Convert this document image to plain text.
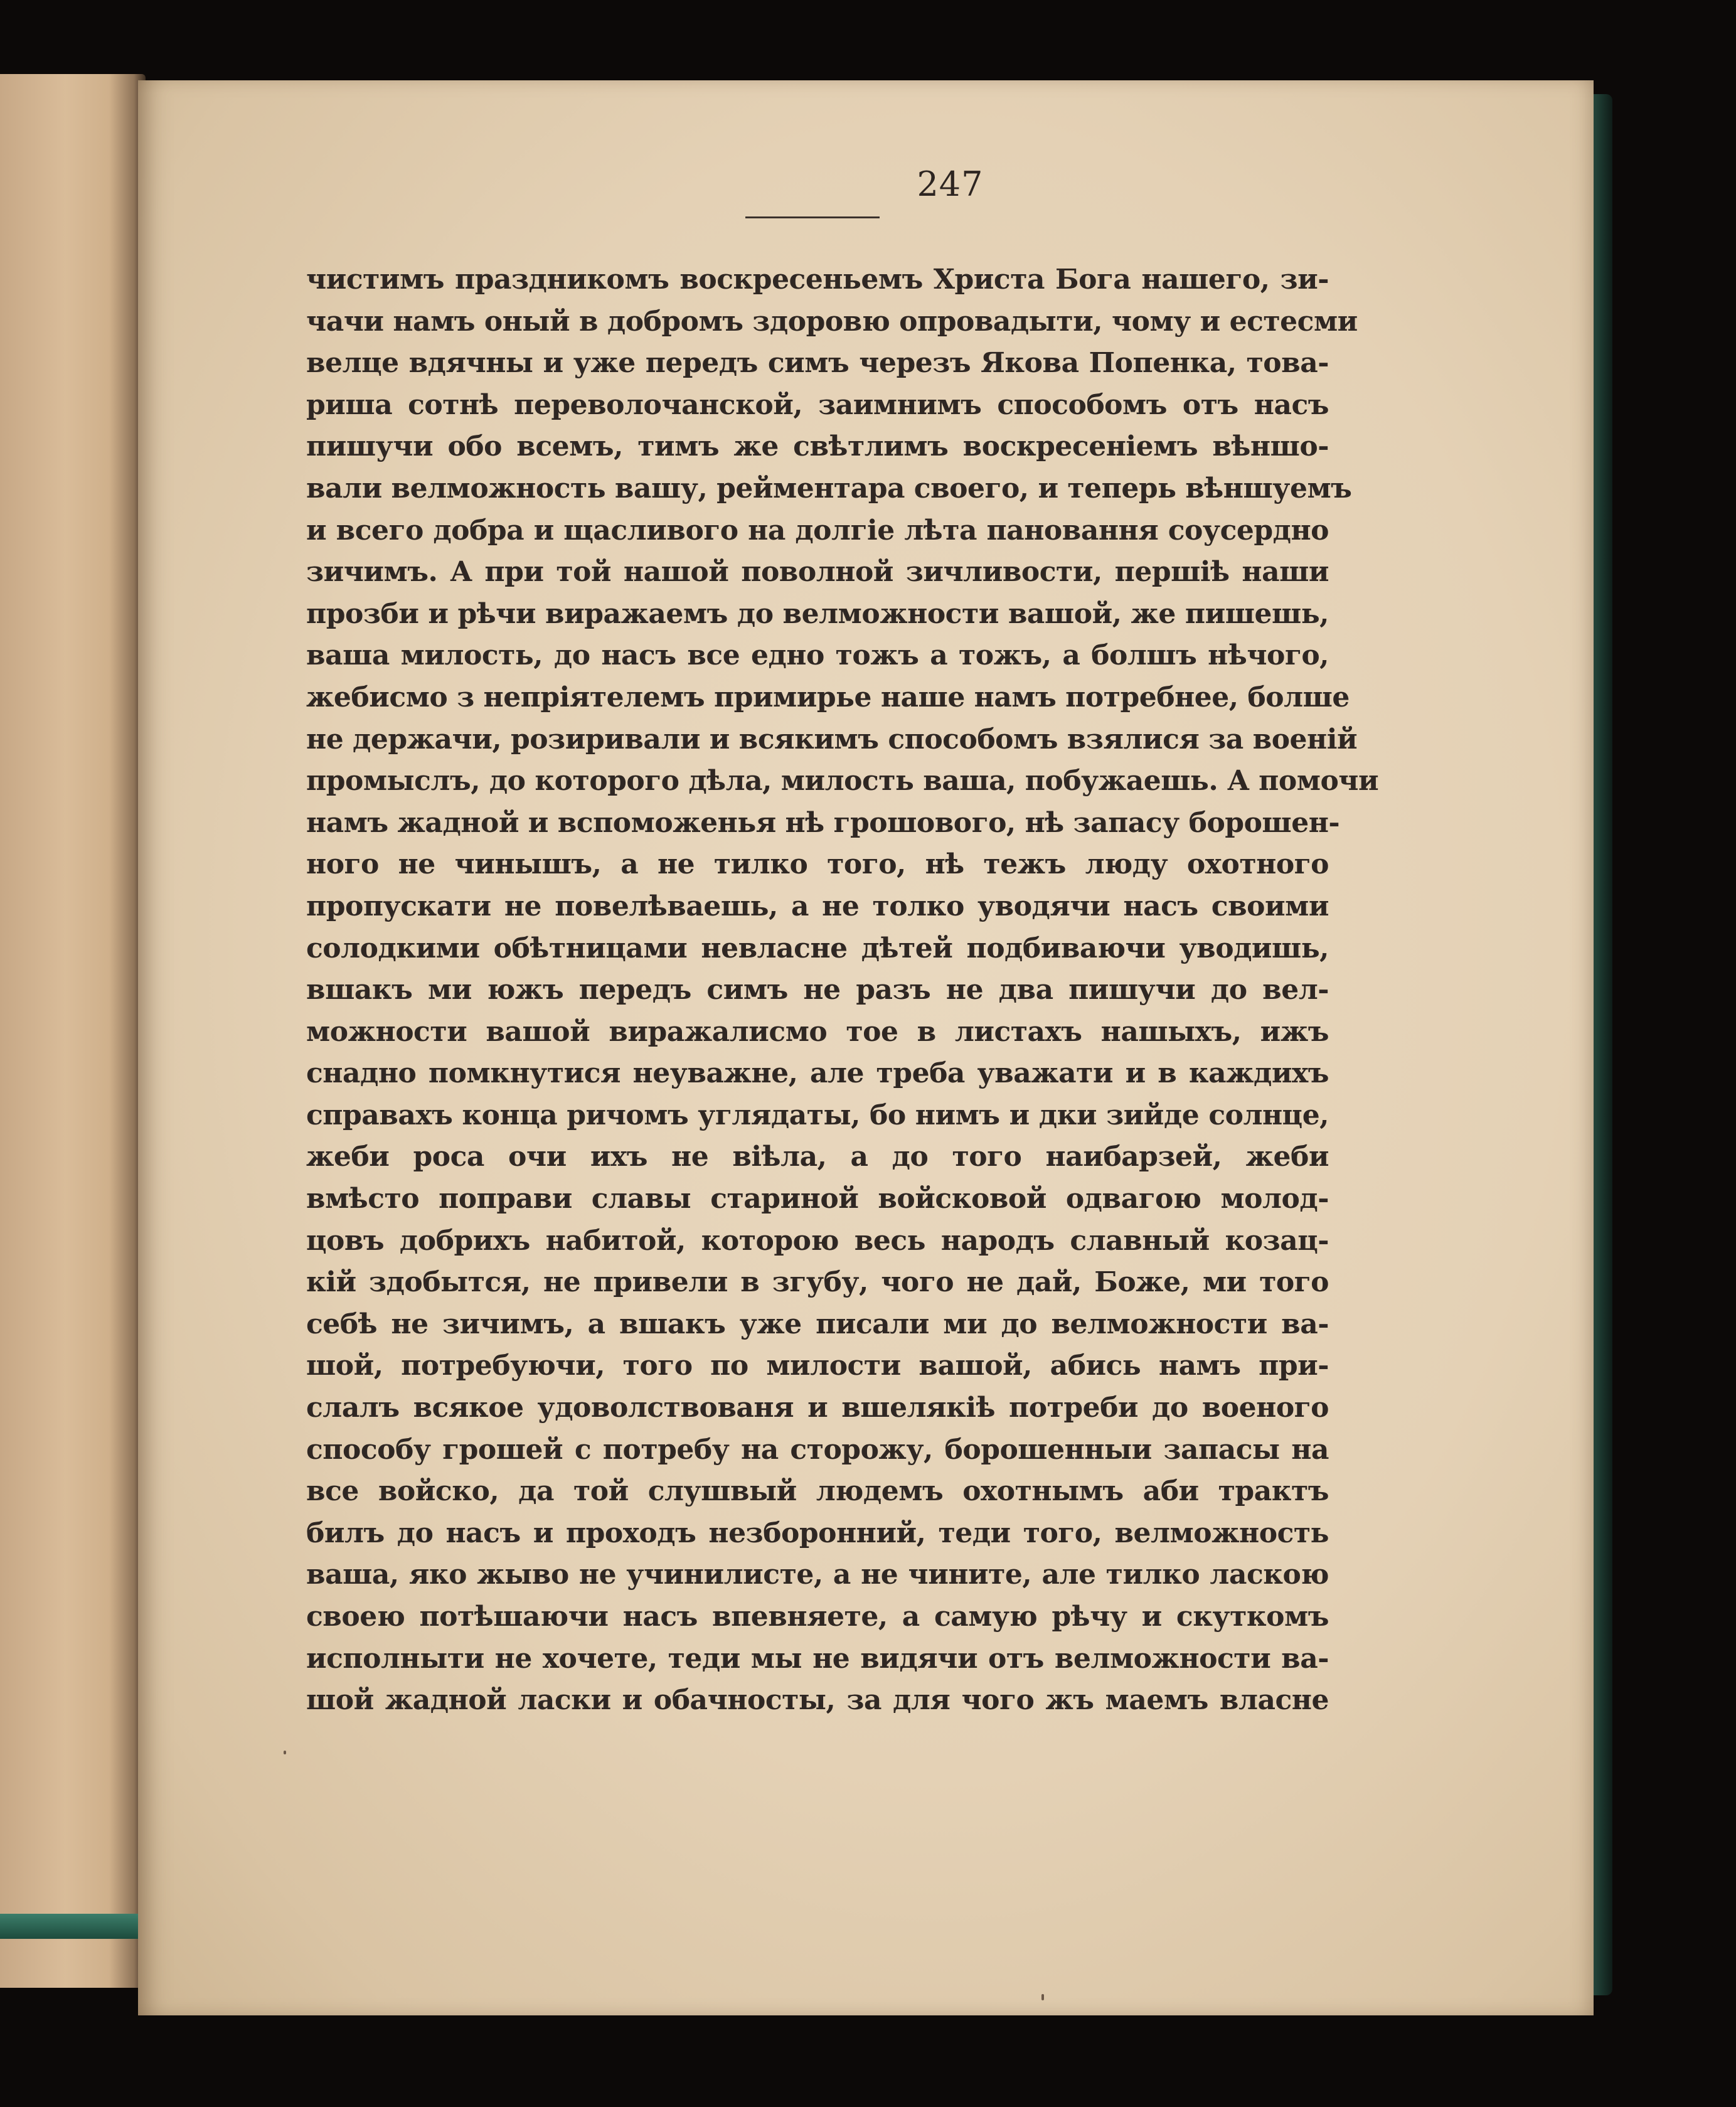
247

чистимъ праздникомъ воскресеньемъ Христа Бога нашего, зи-
чачи намъ оный в добромъ здоровю опровадыти, чому и естесми
велце вдячны и уже передъ симъ черезъ Якова Попенка, това-
риша сотнѣ переволочанской, заимнимъ способомъ отъ насъ
пишучи обо всемъ, тимъ же свѣтлимъ воскресенiемъ вѣншо-
вали велможность вашу, рейментара своего, и теперь вѣншуемъ
и всего добра и щасливого на долгiе лѣта пановання соусердно
зичимъ. А при той нашой поволной зичливости, першiѣ наши
прозби и рѣчи виражаемъ до велможности вашой, же пишешь,
ваша милость, до насъ все едно тожъ а тожъ, а болшъ нѣчого,
жебисмо з непрiятелемъ примирье наше намъ потребнее, болше
не держачи, розиривали и всякимъ способомъ взялися за военiй
промыслъ, до которого дѣла, милость ваша, побужаешь. А помочи
намъ жадной и вспоможенья нѣ грошового, нѣ запасу борошен-
ного не чинышъ, а не тилко того, нѣ тежъ люду охотного
пропускати не повелѣваешь, а не толко уводячи насъ своими
солодкими обѣтницами невласне дѣтей подбиваючи уводишь,
вшакъ ми южъ передъ симъ не разъ не два пишучи до вел-
можности вашой виражалисмо тое в листахъ нашыхъ, ижъ
снадно помкнутися неуважне, але треба уважати и в каждихъ
справахъ конца ричомъ углядаты, бо нимъ и дки зийде солнце,
жеби роса очи ихъ не вiѣла, а до того наибарзей, жеби
вмѣсто поправи славы стариной войсковой одвагою молод-
цовъ добрихъ набитой, которою весь народъ славный козац-
кiй здобытся, не привели в згубу, чого не дай, Боже, ми того
себѣ не зичимъ, а вшакъ уже писали ми до велможности ва-
шой, потребуючи, того по милости вашой, абись намъ при-
слалъ всякое удоволствованя и вшелякiѣ потреби до военого
способу грошей с потребу на сторожу, борошенныи запасы на
все войско, да той слушвый людемъ охотнымъ аби трактъ
билъ до насъ и проходъ незборонний, теди того, велможность
ваша, яко жыво не учинилисте, а не чините, але тилко ласкою
своею потѣшаючи насъ впевняете, а самую рѣчу и скуткомъ
исполныти не хочете, теди мы не видячи отъ велможности ва-
шой жадной ласки и обачносты, за для чого жъ маемъ власне
